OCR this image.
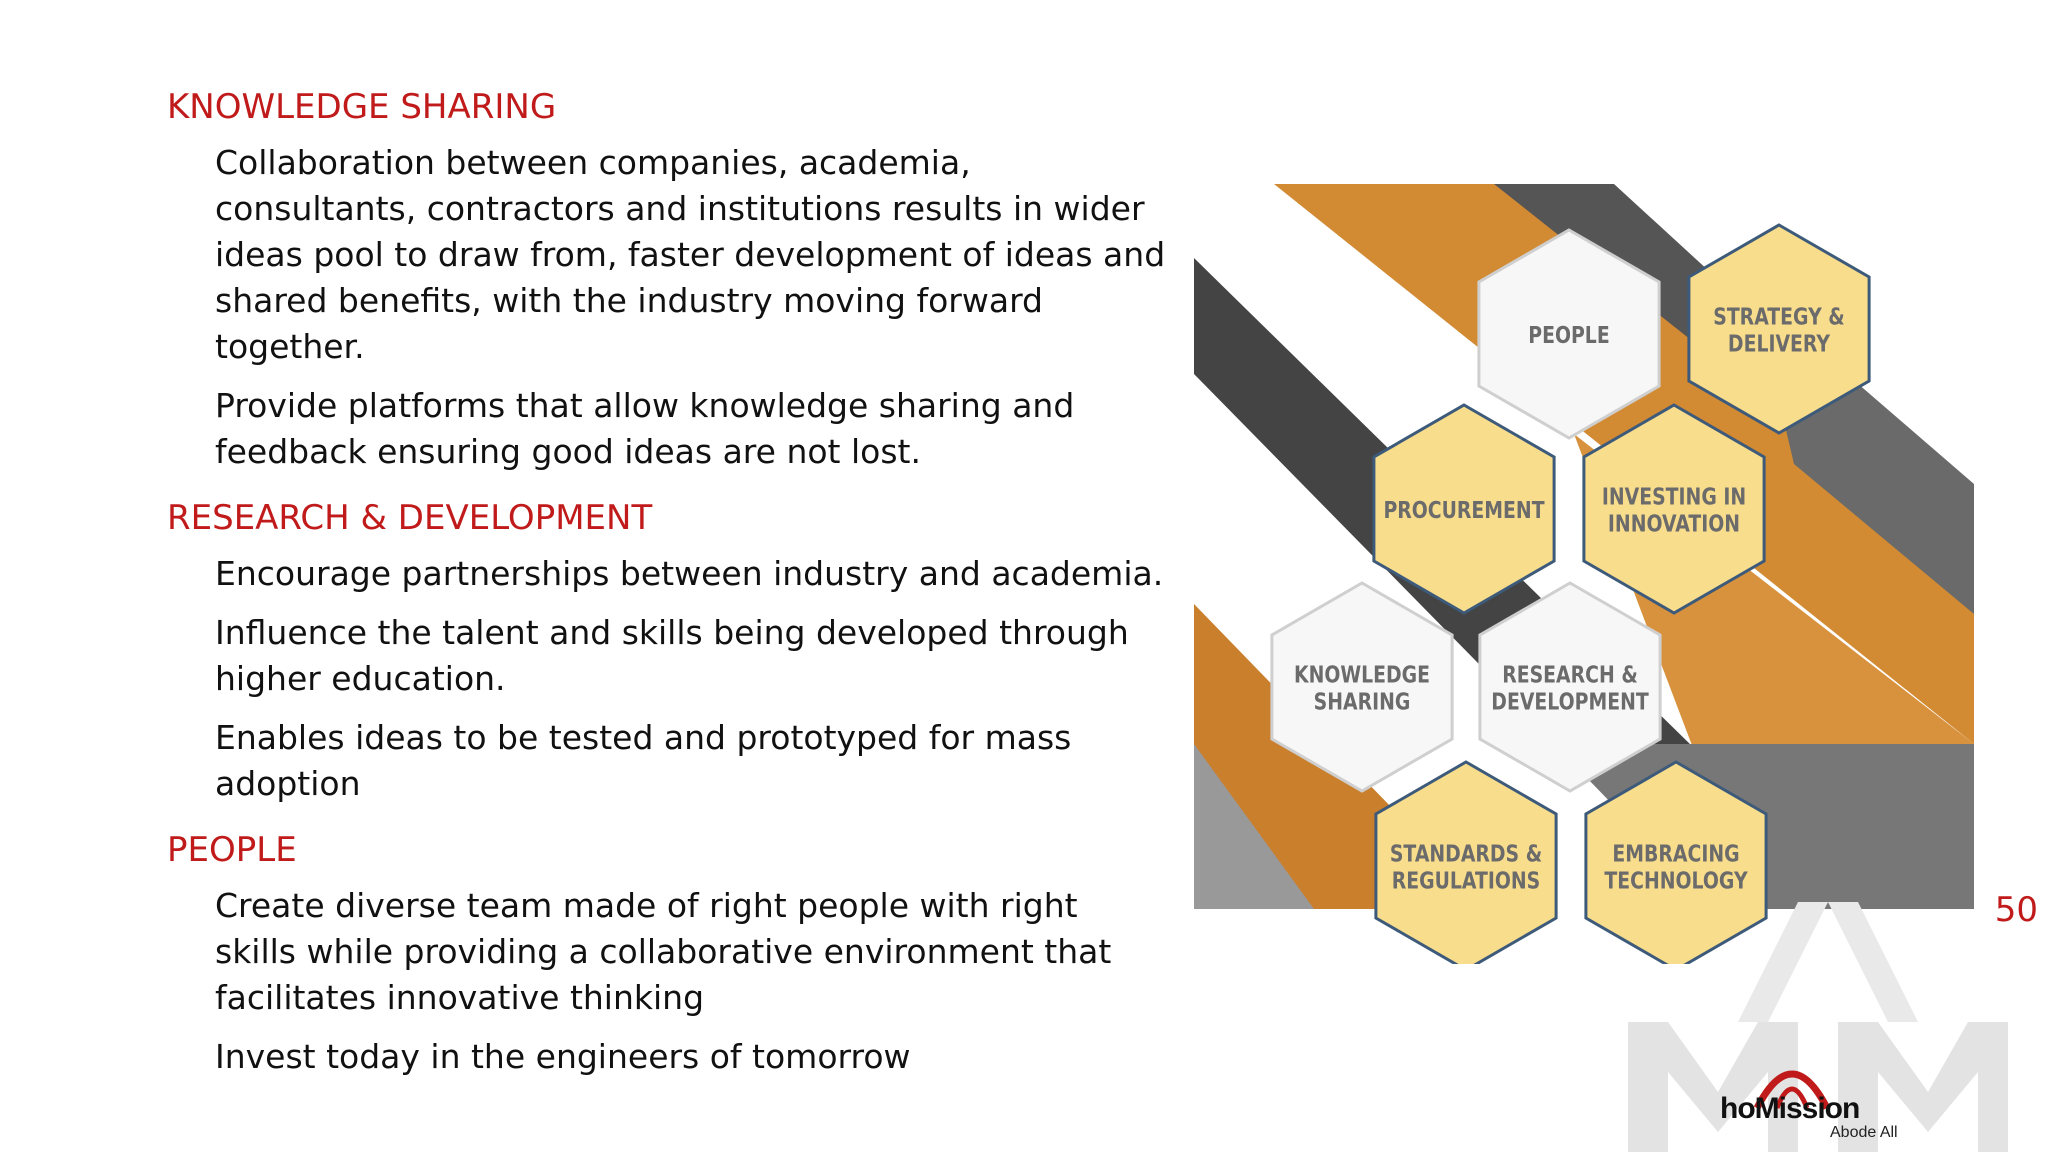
KNOWLEDGE SHARING

Collaboration between companies, academia, consultants, contractors and institutions results in wider ideas pool to draw from, faster development of ideas and shared benefits, with the industry moving forward together.

Provide platforms that allow knowledge sharing and feedback ensuring good ideas are not lost.

RESEARCH & DEVELOPMENT

Encourage partnerships between industry and academia.

Influence the talent and skills being developed through higher education.

Enables ideas to be tested and prototyped for mass adoption

PEOPLE

Create diverse team made of right people with right skills while providing a collaborative environment that facilitates innovative thinking

Invest today in the engineers of tomorrow

PEOPLE
STRATEGY &
DELIVERY
PROCUREMENT INVESTING IN
INNOVATION
KNOWLEDGE
SHARING
RESEARCH &
DEVELOPMENT
STANDARDS &
REGULATIONS
EMBRACING
TECHNOLOGY
hoMission
Abode All
50
